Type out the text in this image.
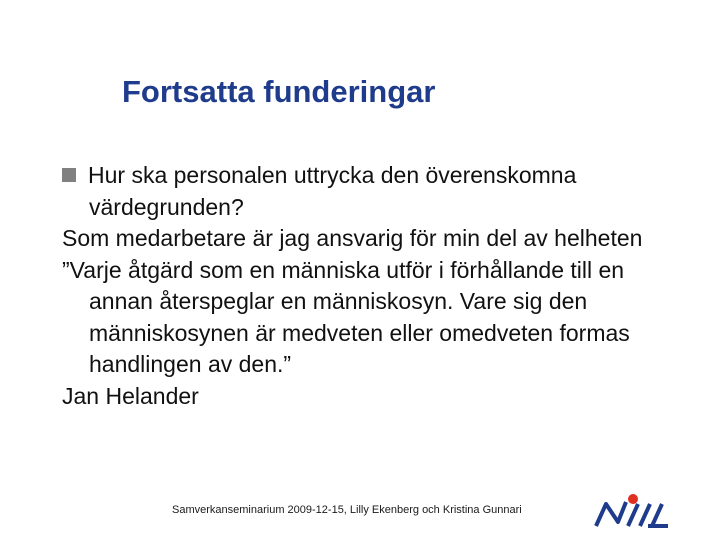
Fortsatta funderingar

Hur ska personalen uttrycka den överenskomna värdegrunden?

Som medarbetare är jag ansvarig för min del av helheten

”Varje åtgärd som en människa utför i förhållande till en annan återspeglar en människosyn. Vare sig den människosynen är medveten eller omedveten formas handlingen av den.”

Jan Helander

Samverkanseminarium 2009-12-15, Lilly Ekenberg och Kristina Gunnari
